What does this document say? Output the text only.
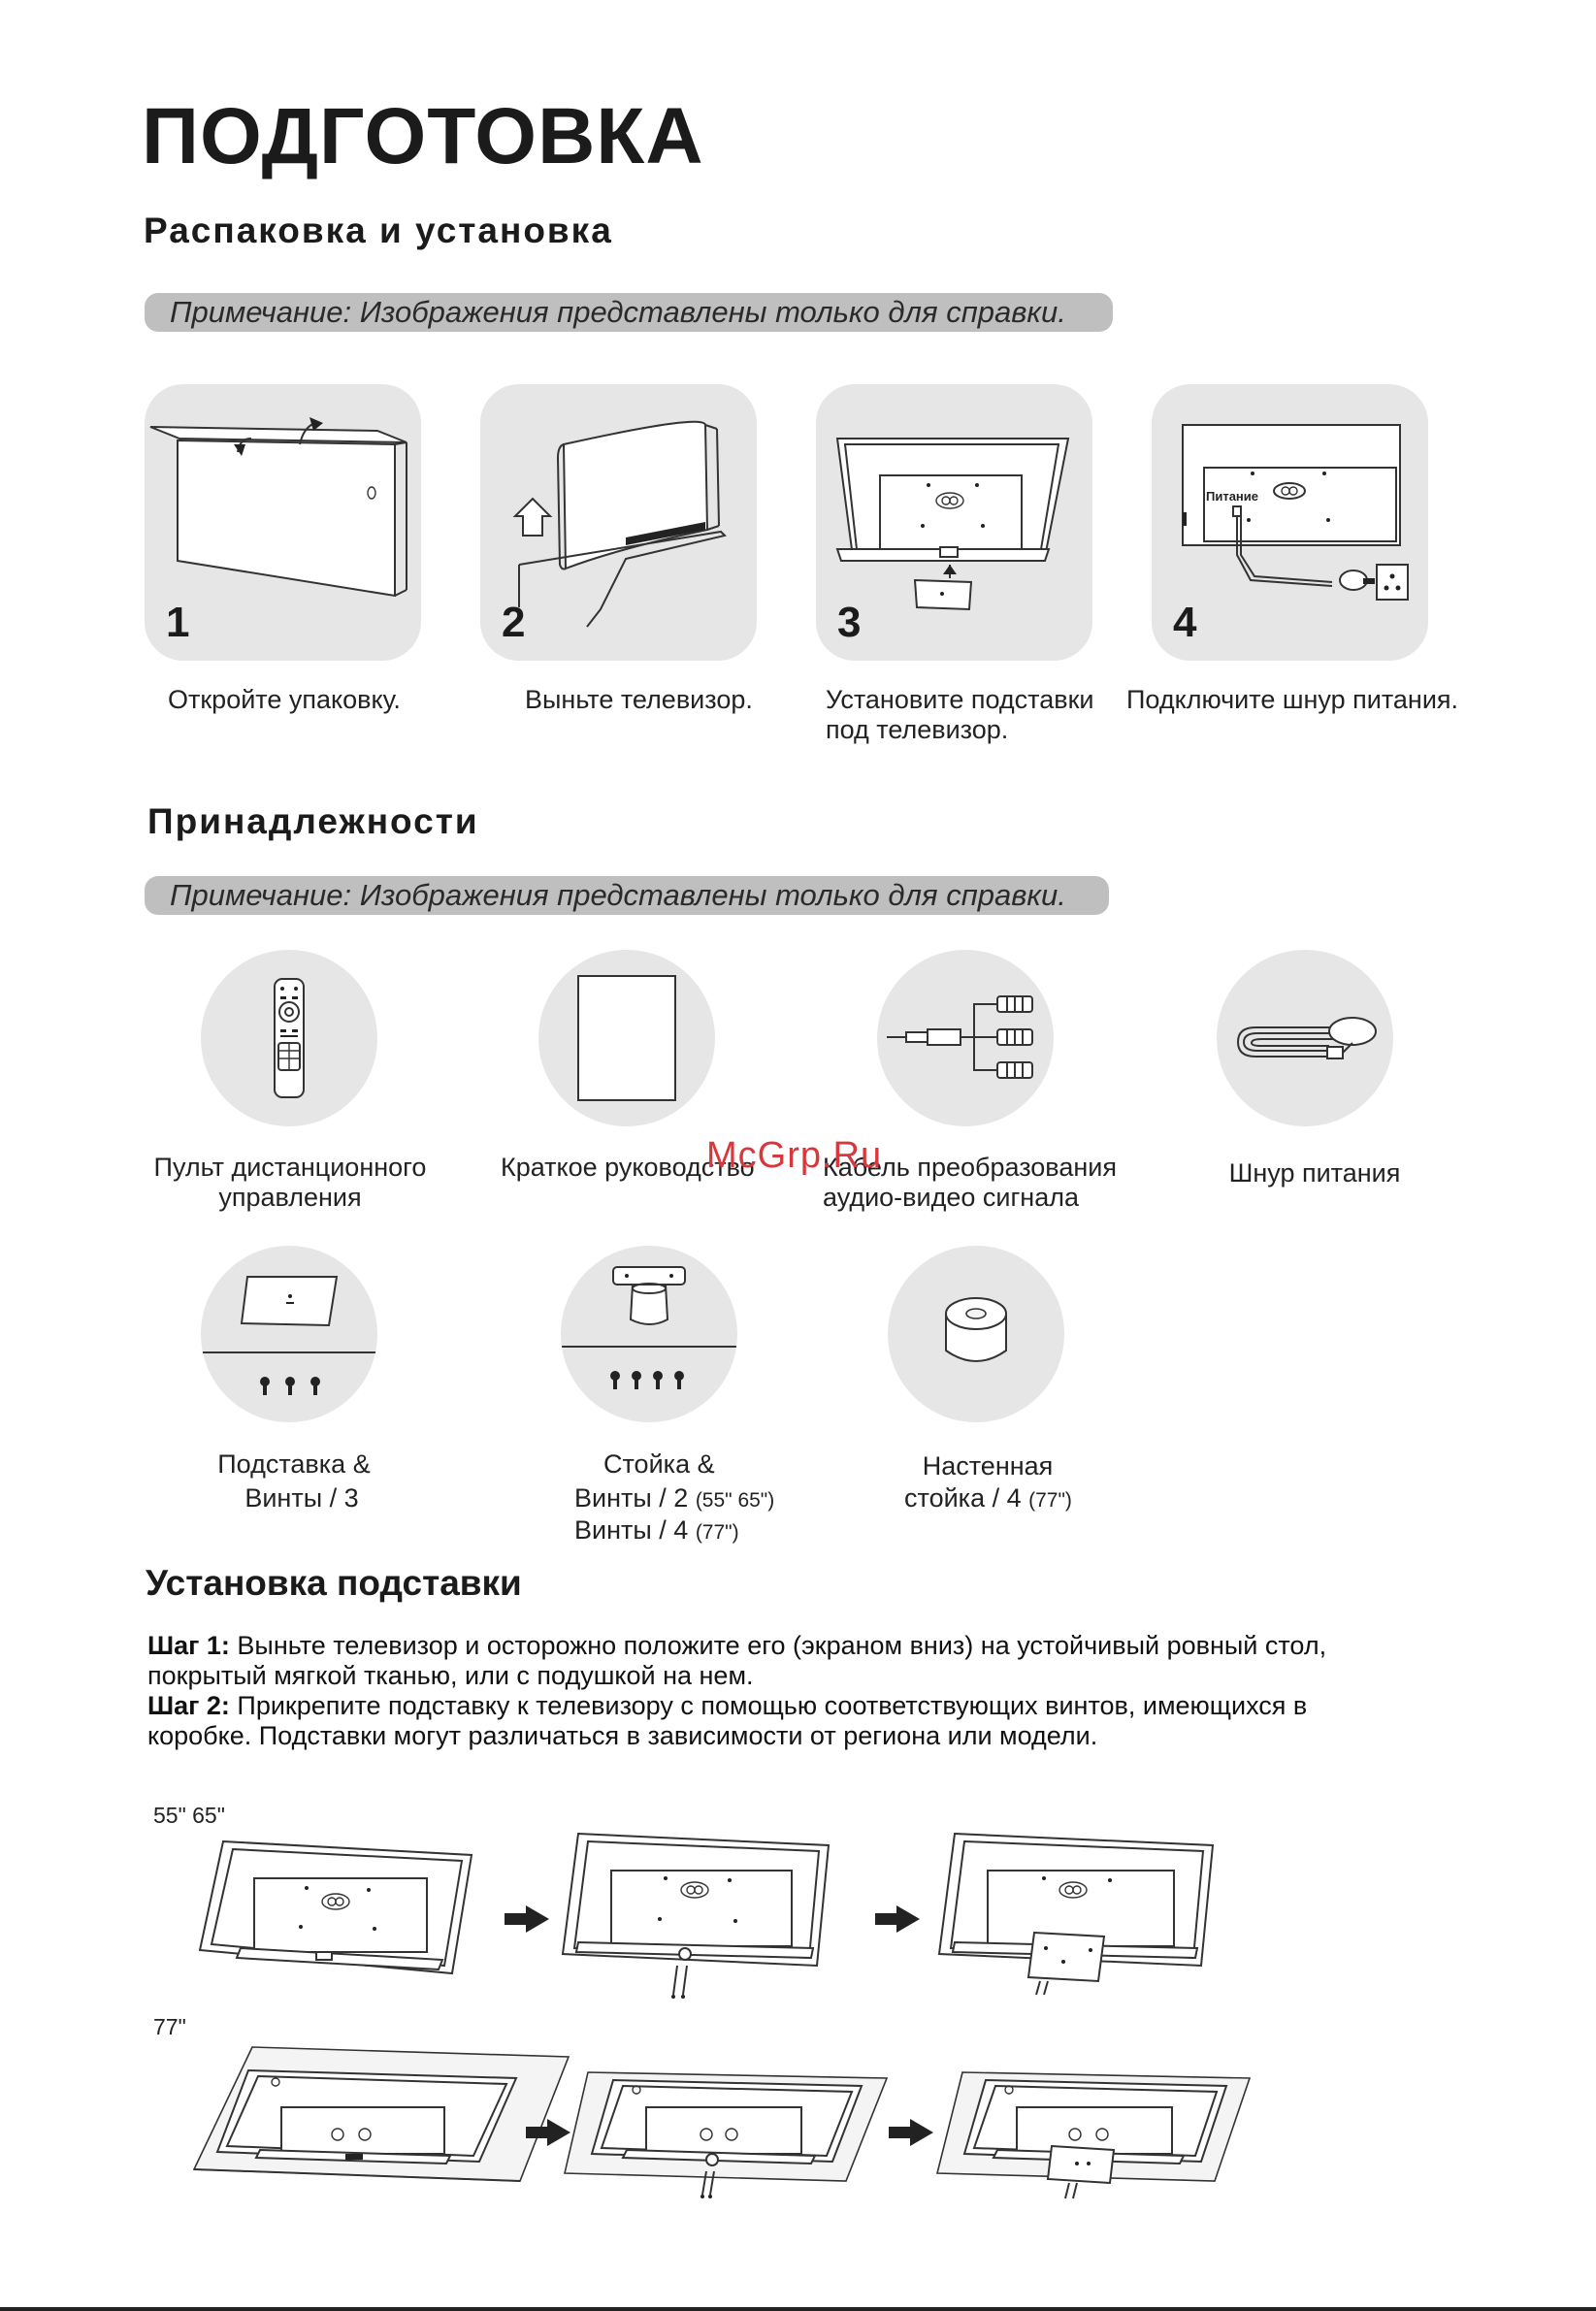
ПОДГОТОВКА
Распаковка и установка
Примечание: Изображения представлены только для справки.
1	2	3
Питание
4
Откройте упаковку.	Выньте телевизор.	Установите подставки
под телевизор.
Подключите шнур питания.
Принадлежности
Примечание: Изображения представлены только для справки.
Пульт дистанционного
управления
Краткое руководство	Кабель преобразования
аудио-видео сигнала
Шнур питания
Подставка &
Винты / 3
Стойка &
Винты / 2 (55" 65")
Винты / 4 (77")
Настенная
стойка / 4 (77")
McGrp.Ru
Установка подставки
Шаг 1: Выньте телевизор и осторожно положите его (экраном вниз) на устойчивый ровный стол,
покрытый мягкой тканью, или с подушкой на нем.
Шаг 2: Прикрепите подставку к телевизору с помощью соответствующих винтов, имеющихся в
коробке. Подставки могут различаться в зависимости от региона или модели.
55" 65"
77"
